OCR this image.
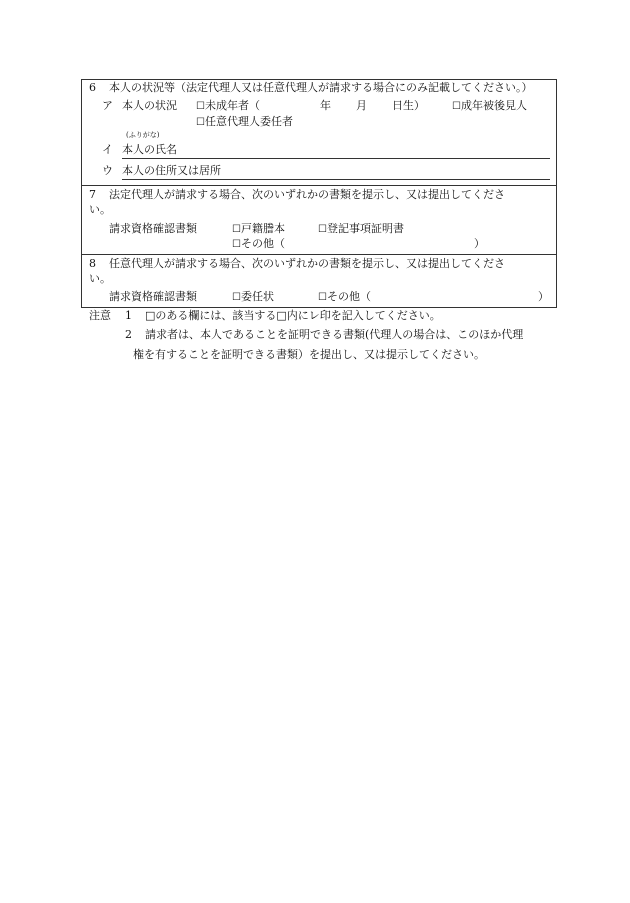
6 本人の状況等（法定代理人又は任意代理人が請求する場合にのみ記載してください。）
ア 本人の状況 ☐未成年者（	年 月 日生）	☐成年被後見人
☐任意代理人委任者
(ふりがな)
イ 本人の氏名
ウ 本人の住所又は居所
7 法定代理人が請求する場合、次のいずれかの書類を提示し、又は提出してくださ
い。
請求資格確認書類	☐戸籍謄本	☐登記事項証明書
☐その他（	）
8 任意代理人が請求する場合、次のいずれかの書類を提示し、又は提出してくださ
い。
請求資格確認書類	☐委任状	☐その他（	）
注意 1 □のある欄には、該当する□内にレ印を記入してください。
2 請求者は、本人であることを証明できる書類(代理人の場合は、このほか代理
権を有することを証明できる書類）を提出し、又は提示してください。
